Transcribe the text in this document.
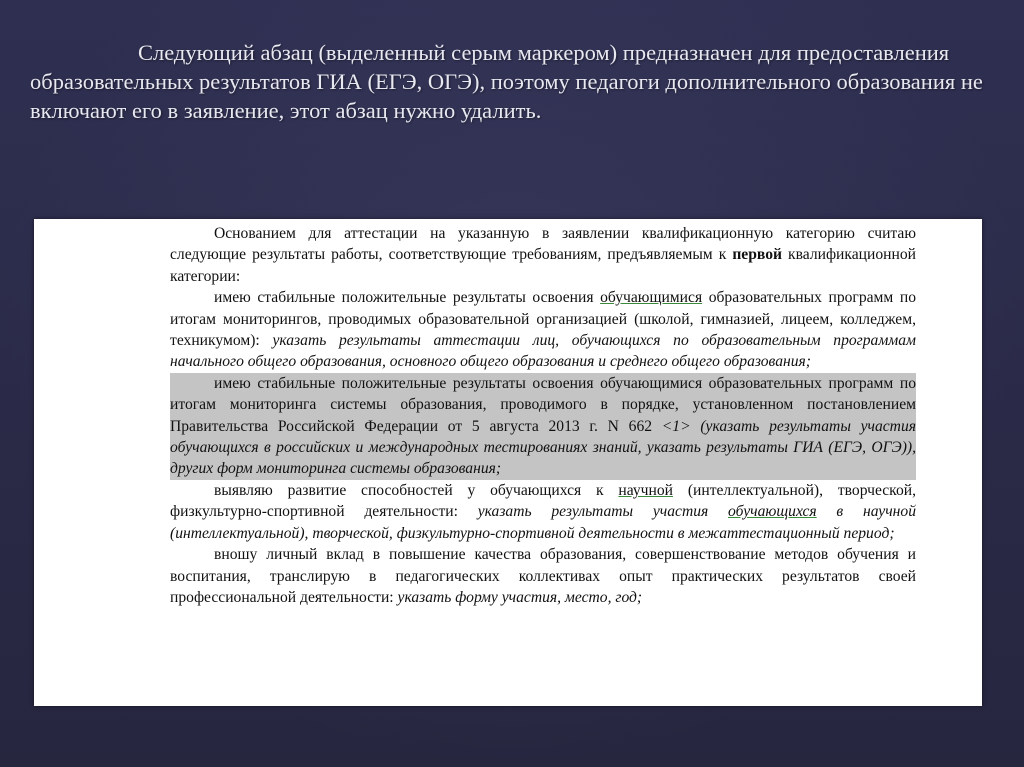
Следующий абзац (выделенный серым маркером) предназначен для предоставления образовательных результатов ГИА (ЕГЭ, ОГЭ), поэтому педагоги дополнительного образования не включают его в заявление, этот абзац нужно удалить.

Основанием для аттестации на указанную в заявлении квалификационную категорию считаю следующие результаты работы, соответствующие требованиям, предъявляемым к первой квалификационной категории:

имею стабильные положительные результаты освоения обучающимися образовательных программ по итогам мониторингов, проводимых образовательной организацией (школой, гимназией, лицеем, колледжем, техникумом): указать результаты аттестации лиц, обучающихся по образовательным программам начального общего образования, основного общего образования и среднего общего образования;

имею стабильные положительные результаты освоения обучающимися образовательных программ по итогам мониторинга системы образования, проводимого в порядке, установленном постановлением Правительства Российской Федерации от 5 августа 2013 г. N 662 <1> (указать результаты участия обучающихся в российских и международных тестированиях знаний, указать результаты ГИА (ЕГЭ, ОГЭ)), других форм мониторинга системы образования;

выявляю развитие способностей у обучающихся к научной (интеллектуальной), творческой, физкультурно-спортивной деятельности: указать результаты участия обучающихся в научной (интеллектуальной), творческой, физкультурно-спортивной деятельности в межаттестационный период;

вношу личный вклад в повышение качества образования, совершенствование методов обучения и воспитания, транслирую в педагогических коллективах опыт практических результатов своей профессиональной деятельности: указать форму участия, место, год;
